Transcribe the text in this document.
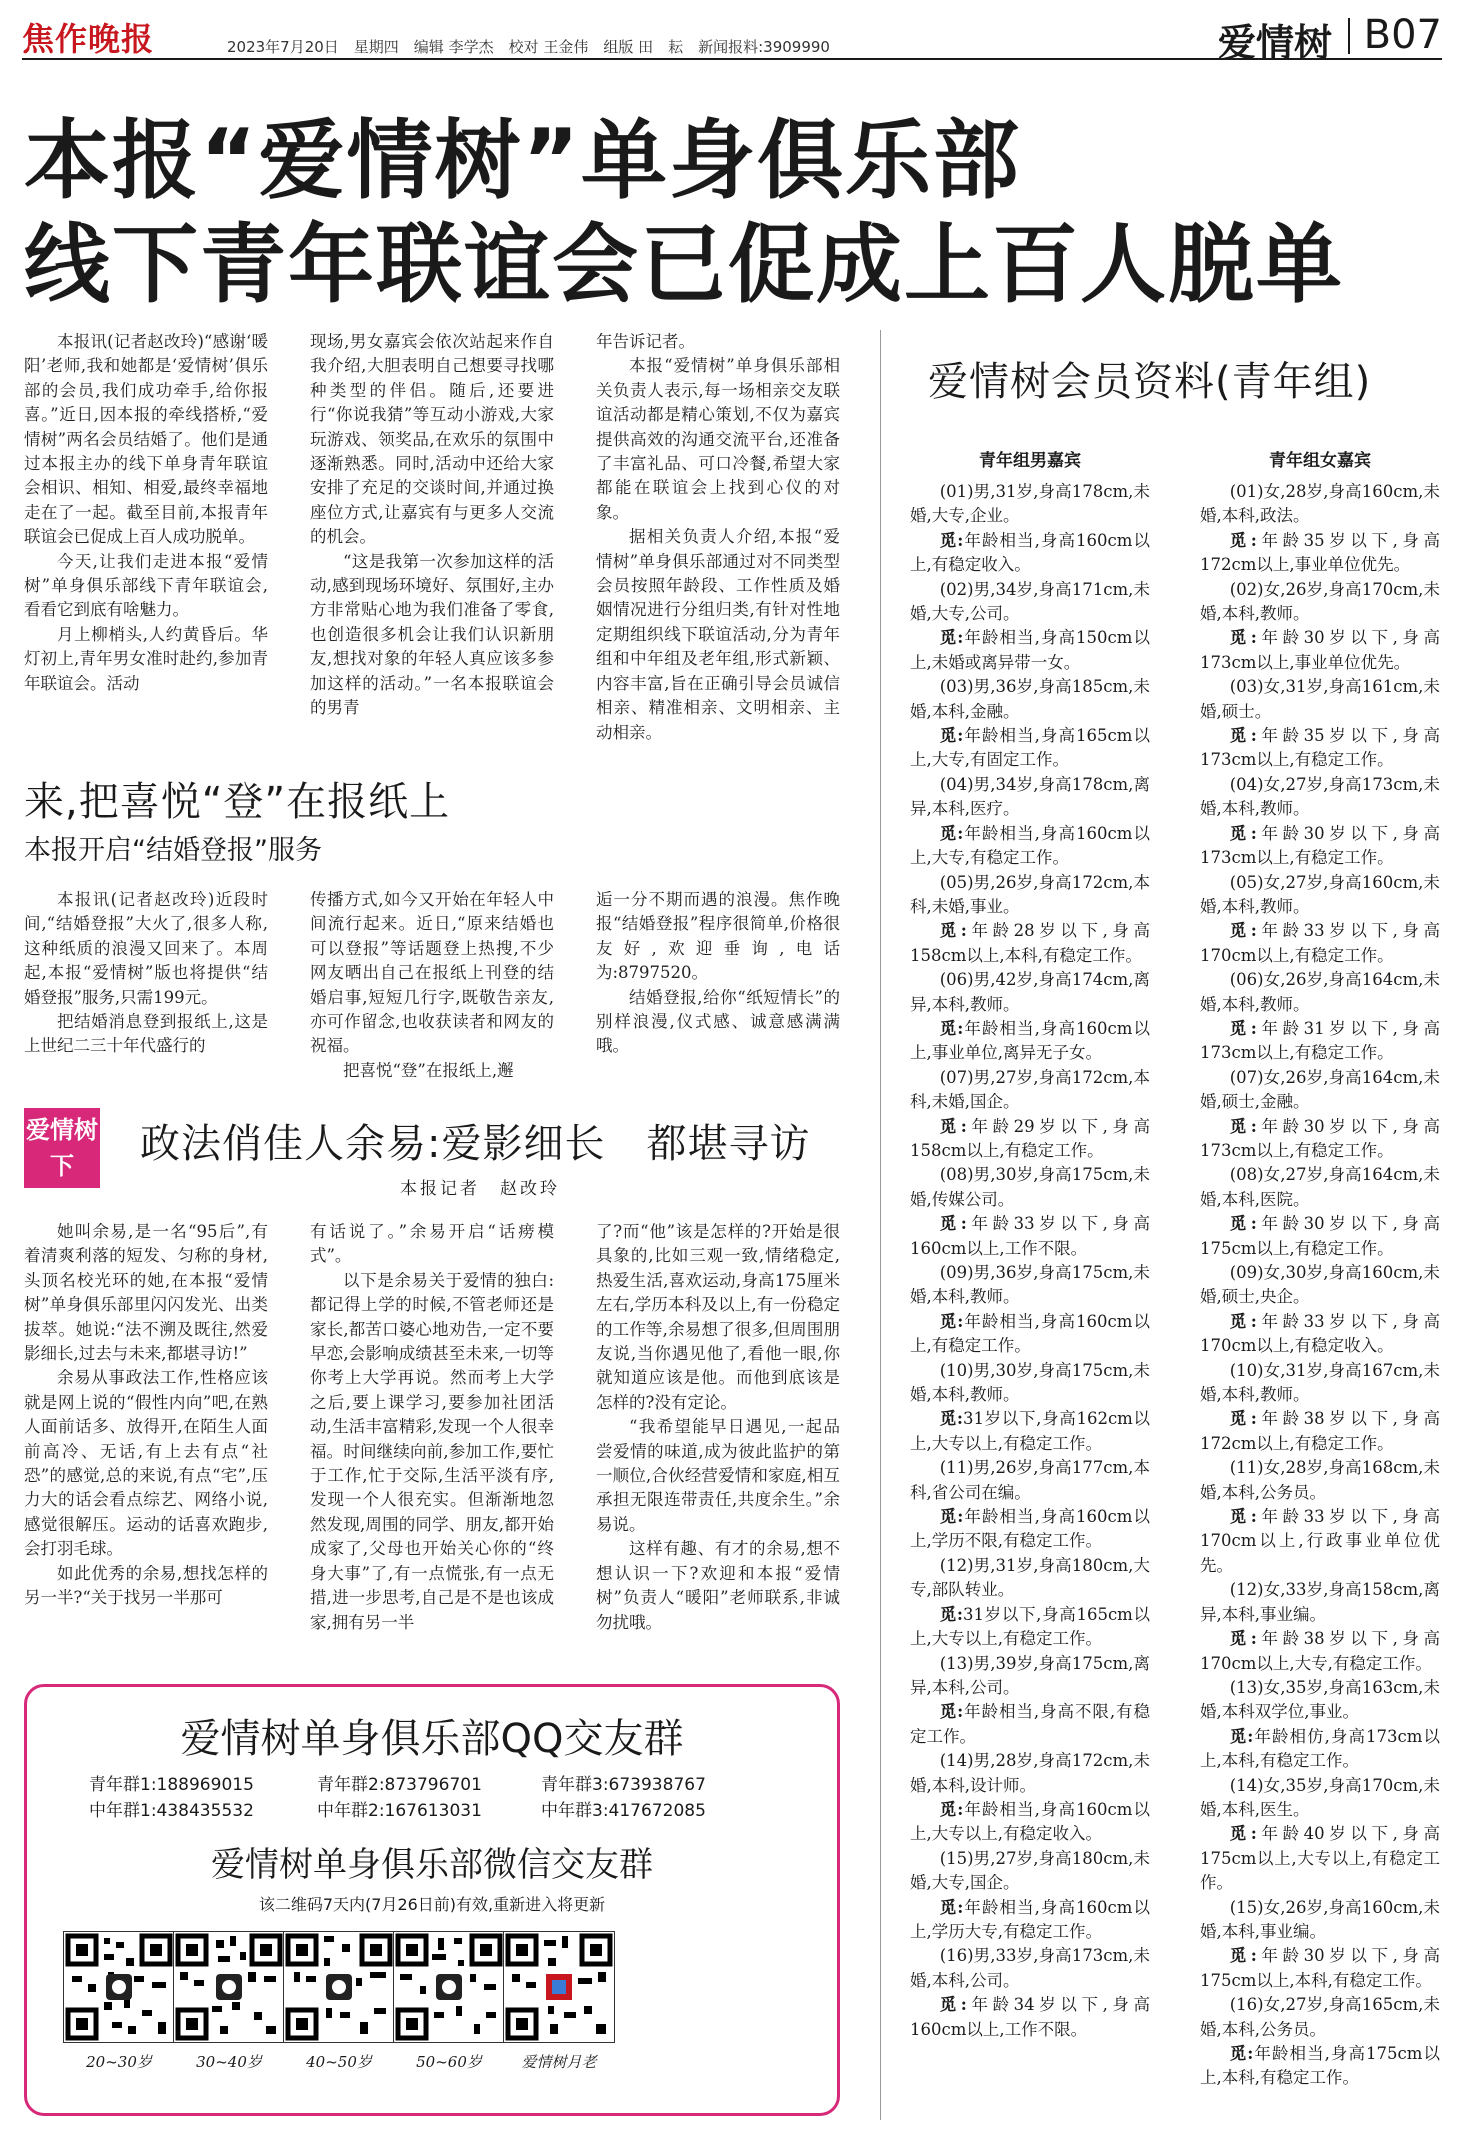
焦作晚报	2023年7月20日　星期四　编辑 李学杰　校对 王金伟　组版 田　耘　新闻报料:3909990	爱情树 B07
本报“爱情树”单身俱乐部
线下青年联谊会已促成上百人脱单

本报讯(记者赵改玲)“感谢‘暖阳’老师,我和她都是‘爱情树’俱乐部的会员,我们成功牵手,给你报喜。”近日,因本报的牵线搭桥,“爱情树”两名会员结婚了。他们是通过本报主办的线下单身青年联谊会相识、相知、相爱,最终幸福地走在了一起。截至目前,本报青年联谊会已促成上百人成功脱单。

今天,让我们走进本报“爱情树”单身俱乐部线下青年联谊会,看看它到底有啥魅力。

月上柳梢头,人约黄昏后。华灯初上,青年男女准时赴约,参加青年联谊会。活动

现场,男女嘉宾会依次站起来作自我介绍,大胆表明自己想要寻找哪种类型的伴侣。随后,还要进行“你说我猜”等互动小游戏,大家玩游戏、领奖品,在欢乐的氛围中逐渐熟悉。同时,活动中还给大家安排了充足的交谈时间,并通过换座位方式,让嘉宾有与更多人交流的机会。

“这是我第一次参加这样的活动,感到现场环境好、氛围好,主办方非常贴心地为我们准备了零食,也创造很多机会让我们认识新朋友,想找对象的年轻人真应该多参加这样的活动。”一名本报联谊会的男青

年告诉记者。

本报“爱情树”单身俱乐部相关负责人表示,每一场相亲交友联谊活动都是精心策划,不仅为嘉宾提供高效的沟通交流平台,还准备了丰富礼品、可口冷餐,希望大家都能在联谊会上找到心仪的对象。

据相关负责人介绍,本报“爱情树”单身俱乐部通过对不同类型会员按照年龄段、工作性质及婚姻情况进行分组归类,有针对性地定期组织线下联谊活动,分为青年组和中年组及老年组,形式新颖、内容丰富,旨在正确引导会员诚信相亲、精准相亲、文明相亲、主动相亲。

来,把喜悦“登”在报纸上
本报开启“结婚登报”服务

本报讯(记者赵改玲)近段时间,“结婚登报”大火了,很多人称,这种纸质的浪漫又回来了。本周起,本报“爱情树”版也将提供“结婚登报”服务,只需199元。

把结婚消息登到报纸上,这是上世纪二三十年代盛行的

传播方式,如今又开始在年轻人中间流行起来。近日,“原来结婚也可以登报”等话题登上热搜,不少网友晒出自己在报纸上刊登的结婚启事,短短几行字,既敬告亲友,亦可作留念,也收获读者和网友的祝福。

把喜悦“登”在报纸上,邂

逅一分不期而遇的浪漫。焦作晚报“结婚登报”程序很简单,价格很友好,欢迎垂询,电话为:8797520。

结婚登报,给你“纸短情长”的别样浪漫,仪式感、诚意感满满哦。

爱情树下	政法俏佳人余易:爱影细长　都堪寻访
本报记者　赵改玲

她叫余易,是一名“95后”,有着清爽利落的短发、匀称的身材,头顶名校光环的她,在本报“爱情树”单身俱乐部里闪闪发光、出类拔萃。她说:“法不溯及既往,然爱影细长,过去与未来,都堪寻访!”

余易从事政法工作,性格应该就是网上说的“假性内向”吧,在熟人面前话多、放得开,在陌生人面前高冷、无话,有上去有点“社恐”的感觉,总的来说,有点“宅”,压力大的话会看点综艺、网络小说,感觉很解压。运动的话喜欢跑步,会打羽毛球。

如此优秀的余易,想找怎样的另一半?“关于找另一半那可

有话说了。”余易开启“话痨模式”。

以下是余易关于爱情的独白:都记得上学的时候,不管老师还是家长,都苦口婆心地劝告,一定不要早恋,会影响成绩甚至未来,一切等你考上大学再说。然而考上大学之后,要上课学习,要参加社团活动,生活丰富精彩,发现一个人很幸福。时间继续向前,参加工作,要忙于工作,忙于交际,生活平淡有序,发现一个人很充实。但渐渐地忽然发现,周围的同学、朋友,都开始成家了,父母也开始关心你的“终身大事”了,有一点慌张,有一点无措,进一步思考,自己是不是也该成家,拥有另一半

了?而“他”该是怎样的?开始是很具象的,比如三观一致,情绪稳定,热爱生活,喜欢运动,身高175厘米左右,学历本科及以上,有一份稳定的工作等,余易想了很多,但周围朋友说,当你遇见他了,看他一眼,你就知道应该是他。而他到底该是怎样的?没有定论。

“我希望能早日遇见,一起品尝爱情的味道,成为彼此监护的第一顺位,合伙经营爱情和家庭,相互承担无限连带责任,共度余生。”余易说。

这样有趣、有才的余易,想不想认识一下?欢迎和本报“爱情树”负责人“暖阳”老师联系,非诚勿扰哦。

爱情树单身俱乐部QQ交友群
青年群1:188969015	青年群2:873796701	青年群3:673938767
中年群1:438435532	中年群2:167613031	中年群3:417672085
爱情树单身俱乐部微信交友群
该二维码7天内(7月26日前)有效,重新进入将更新
20~30岁	30~40岁	40~50岁	50~60岁	爱情树月老
爱情树会员资料(青年组)
青年组男嘉宾	青年组女嘉宾
(01)男,31岁,身高178cm,未婚,大专,企业。
觅:年龄相当,身高160cm以上,有稳定收入。
(02)男,34岁,身高171cm,未婚,大专,公司。
觅:年龄相当,身高150cm以上,未婚或离异带一女。
(03)男,36岁,身高185cm,未婚,本科,金融。
觅:年龄相当,身高165cm以上,大专,有固定工作。
(04)男,34岁,身高178cm,离异,本科,医疗。
觅:年龄相当,身高160cm以上,大专,有稳定工作。
(05)男,26岁,身高172cm,本科,未婚,事业。
觅:年龄28岁以下,身高158cm以上,本科,有稳定工作。
(06)男,42岁,身高174cm,离异,本科,教师。
觅:年龄相当,身高160cm以上,事业单位,离异无子女。
(07)男,27岁,身高172cm,本科,未婚,国企。
觅:年龄29岁以下,身高158cm以上,有稳定工作。
(08)男,30岁,身高175cm,未婚,传媒公司。
觅:年龄33岁以下,身高160cm以上,工作不限。
(09)男,36岁,身高175cm,未婚,本科,教师。
觅:年龄相当,身高160cm以上,有稳定工作。
(10)男,30岁,身高175cm,未婚,本科,教师。
觅:31岁以下,身高162cm以上,大专以上,有稳定工作。
(11)男,26岁,身高177cm,本科,省公司在编。
觅:年龄相当,身高160cm以上,学历不限,有稳定工作。
(12)男,31岁,身高180cm,大专,部队转业。
觅:31岁以下,身高165cm以上,大专以上,有稳定工作。
(13)男,39岁,身高175cm,离异,本科,公司。
觅:年龄相当,身高不限,有稳定工作。
(14)男,28岁,身高172cm,未婚,本科,设计师。
觅:年龄相当,身高160cm以上,大专以上,有稳定收入。
(15)男,27岁,身高180cm,未婚,大专,国企。
觅:年龄相当,身高160cm以上,学历大专,有稳定工作。
(16)男,33岁,身高173cm,未婚,本科,公司。
觅:年龄34岁以下,身高160cm以上,工作不限。
(01)女,28岁,身高160cm,未婚,本科,政法。
觅:年龄35岁以下,身高172cm以上,事业单位优先。
(02)女,26岁,身高170cm,未婚,本科,教师。
觅:年龄30岁以下,身高173cm以上,事业单位优先。
(03)女,31岁,身高161cm,未婚,硕士。
觅:年龄35岁以下,身高173cm以上,有稳定工作。
(04)女,27岁,身高173cm,未婚,本科,教师。
觅:年龄30岁以下,身高173cm以上,有稳定工作。
(05)女,27岁,身高160cm,未婚,本科,教师。
觅:年龄33岁以下,身高170cm以上,有稳定工作。
(06)女,26岁,身高164cm,未婚,本科,教师。
觅:年龄31岁以下,身高173cm以上,有稳定工作。
(07)女,26岁,身高164cm,未婚,硕士,金融。
觅:年龄30岁以下,身高173cm以上,有稳定工作。
(08)女,27岁,身高164cm,未婚,本科,医院。
觅:年龄30岁以下,身高175cm以上,有稳定工作。
(09)女,30岁,身高160cm,未婚,硕士,央企。
觅:年龄33岁以下,身高170cm以上,有稳定收入。
(10)女,31岁,身高167cm,未婚,本科,教师。
觅:年龄38岁以下,身高172cm以上,有稳定工作。
(11)女,28岁,身高168cm,未婚,本科,公务员。
觅:年龄33岁以下,身高170cm以上,行政事业单位优先。
(12)女,33岁,身高158cm,离异,本科,事业编。
觅:年龄38岁以下,身高170cm以上,大专,有稳定工作。
(13)女,35岁,身高163cm,未婚,本科双学位,事业。
觅:年龄相仿,身高173cm以上,本科,有稳定工作。
(14)女,35岁,身高170cm,未婚,本科,医生。
觅:年龄40岁以下,身高175cm以上,大专以上,有稳定工作。
(15)女,26岁,身高160cm,未婚,本科,事业编。
觅:年龄30岁以下,身高175cm以上,本科,有稳定工作。
(16)女,27岁,身高165cm,未婚,本科,公务员。
觅:年龄相当,身高175cm以上,本科,有稳定工作。
